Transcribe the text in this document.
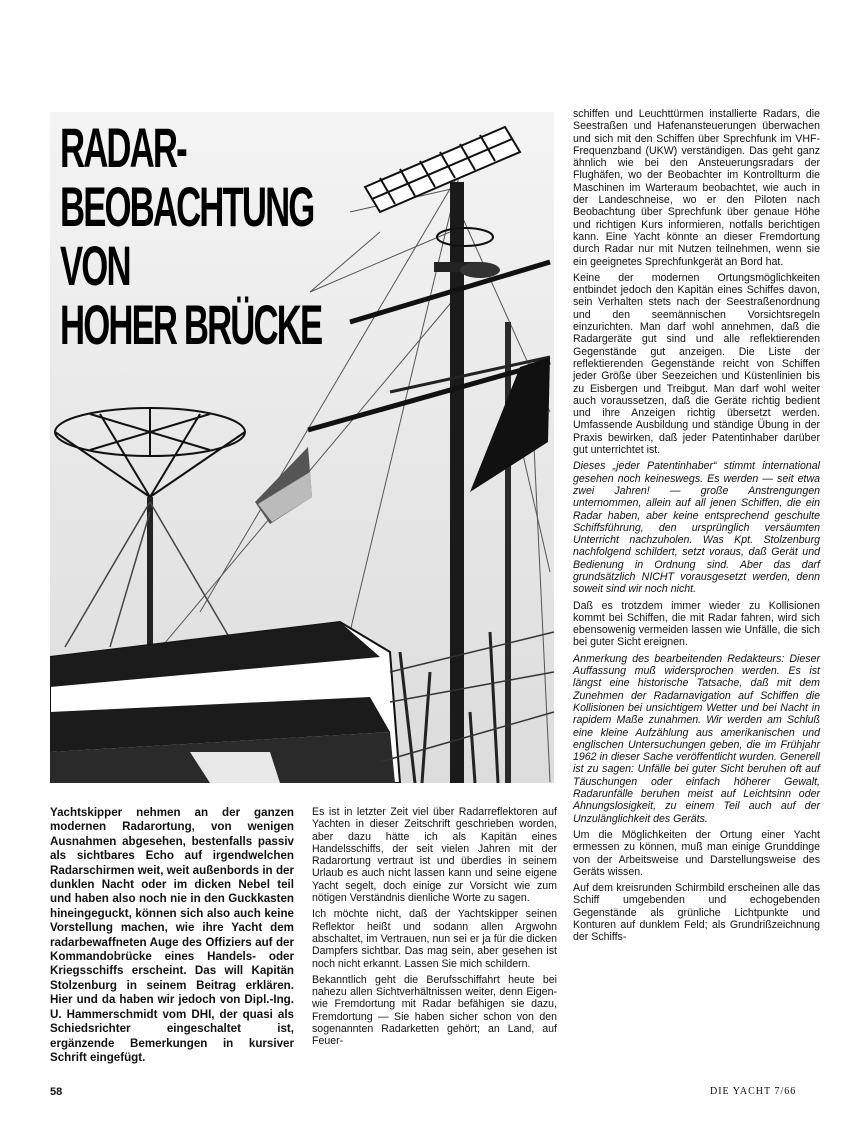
RADAR-
BEOBACHTUNG
VON
HOHER BRÜCKE

schiffen und Leuchttürmen installierte Radars, die Seestraßen und Hafenansteuerungen überwachen und sich mit den Schiffen über Sprechfunk im VHF-Frequenzband (UKW) verständigen. Das geht ganz ähnlich wie bei den Ansteuerungsradars der Flughäfen, wo der Beobachter im Kontrollturm die Maschinen im Warteraum beobachtet, wie auch in der Landeschneise, wo er den Piloten nach Beobachtung über Sprechfunk über genaue Höhe und richtigen Kurs informieren, notfalls berichtigen kann. Eine Yacht könnte an dieser Fremdortung durch Radar nur mit Nutzen teilnehmen, wenn sie ein geeignetes Sprechfunkgerät an Bord hat.

Keine der modernen Ortungsmöglichkeiten entbindet jedoch den Kapitän eines Schiffes davon, sein Verhalten stets nach der Seestraßenordnung und den seemännischen Vorsichtsregeln einzurichten. Man darf wohl annehmen, daß die Radargeräte gut sind und alle reflektierenden Gegenstände gut anzeigen. Die Liste der reflektierenden Gegenstände reicht von Schiffen jeder Größe über Seezeichen und Küstenlinien bis zu Eisbergen und Treibgut. Man darf wohl weiter auch voraussetzen, daß die Geräte richtig bedient und ihre Anzeigen richtig übersetzt werden. Umfassende Ausbildung und ständige Übung in der Praxis bewirken, daß jeder Patentinhaber darüber gut unterrichtet ist.

Dieses „jeder Patentinhaber“ stimmt international gesehen noch keineswegs. Es werden — seit etwa zwei Jahren! — große Anstrengungen unternommen, allein auf all jenen Schiffen, die ein Radar haben, aber keine entsprechend geschulte Schiffsführung, den ursprünglich versäumten Unterricht nachzuholen. Was Kpt. Stolzenburg nachfolgend schildert, setzt voraus, daß Gerät und Bedienung in Ordnung sind. Aber das darf grundsätzlich NICHT vorausgesetzt werden, denn soweit sind wir noch nicht.

Daß es trotzdem immer wieder zu Kollisionen kommt bei Schiffen, die mit Radar fahren, wird sich ebensowenig vermeiden lassen wie Unfälle, die sich bei guter Sicht ereignen.

Anmerkung des bearbeitenden Redakteurs: Dieser Auffassung muß widersprochen werden. Es ist längst eine historische Tatsache, daß mit dem Zunehmen der Radarnavigation auf Schiffen die Kollisionen bei unsichtigem Wetter und bei Nacht in rapidem Maße zunahmen. Wir werden am Schluß eine kleine Aufzählung aus amerikanischen und englischen Untersuchungen geben, die im Frühjahr 1962 in dieser Sache veröffentlicht wurden. Generell ist zu sagen: Unfälle bei guter Sicht beruhen oft auf Täuschungen oder einfach höherer Gewalt, Radarunfälle beruhen meist auf Leichtsinn oder Ahnungslosigkeit, zu einem Teil auch auf der Unzulänglichkeit des Geräts.

Um die Möglichkeiten der Ortung einer Yacht ermessen zu können, muß man einige Grunddinge von der Arbeitsweise und Darstellungsweise des Geräts wissen.

Auf dem kreisrunden Schirmbild erscheinen alle das Schiff umgebenden und echogebenden Gegenstände als grünliche Lichtpunkte und Konturen auf dunklem Feld; als Grundrißzeichnung der Schiffs-

Yachtskipper nehmen an der ganzen modernen Radarortung, von wenigen Ausnahmen abgesehen, bestenfalls passiv als sichtbares Echo auf irgendwelchen Radarschirmen weit, weit außenbords in der dunklen Nacht oder im dicken Nebel teil und haben also noch nie in den Guckkasten hineingeguckt, können sich also auch keine Vorstellung machen, wie ihre Yacht dem radarbewaffneten Auge des Offiziers auf der Kommandobrücke eines Handels- oder Kriegsschiffs erscheint. Das will Kapitän Stolzenburg in seinem Beitrag erklären. Hier und da haben wir jedoch von Dipl.-Ing. U. Hammerschmidt vom DHI, der quasi als Schiedsrichter eingeschaltet ist, ergänzende Bemerkungen in kursiver Schrift eingefügt.

Es ist in letzter Zeit viel über Radarreflektoren auf Yachten in dieser Zeitschrift geschrieben worden, aber dazu hätte ich als Kapitän eines Handelsschiffs, der seit vielen Jahren mit der Radarortung vertraut ist und überdies in seinem Urlaub es auch nicht lassen kann und seine eigene Yacht segelt, doch einige zur Vorsicht wie zum nötigen Verständnis dienliche Worte zu sagen.

Ich möchte nicht, daß der Yachtskipper seinen Reflektor heißt und sodann allen Argwohn abschaltet, im Vertrauen, nun sei er ja für die dicken Dampfers sichtbar. Das mag sein, aber gesehen ist noch nicht erkannt. Lassen Sie mich schildern.

Bekanntlich geht die Berufsschiffahrt heute bei nahezu allen Sichtverhältnissen weiter, denn Eigen- wie Fremdortung mit Radar befähigen sie dazu, Fremdortung — Sie haben sicher schon von den sogenannten Radarketten gehört; an Land, auf Feuer-

58	DIE YACHT 7/66
